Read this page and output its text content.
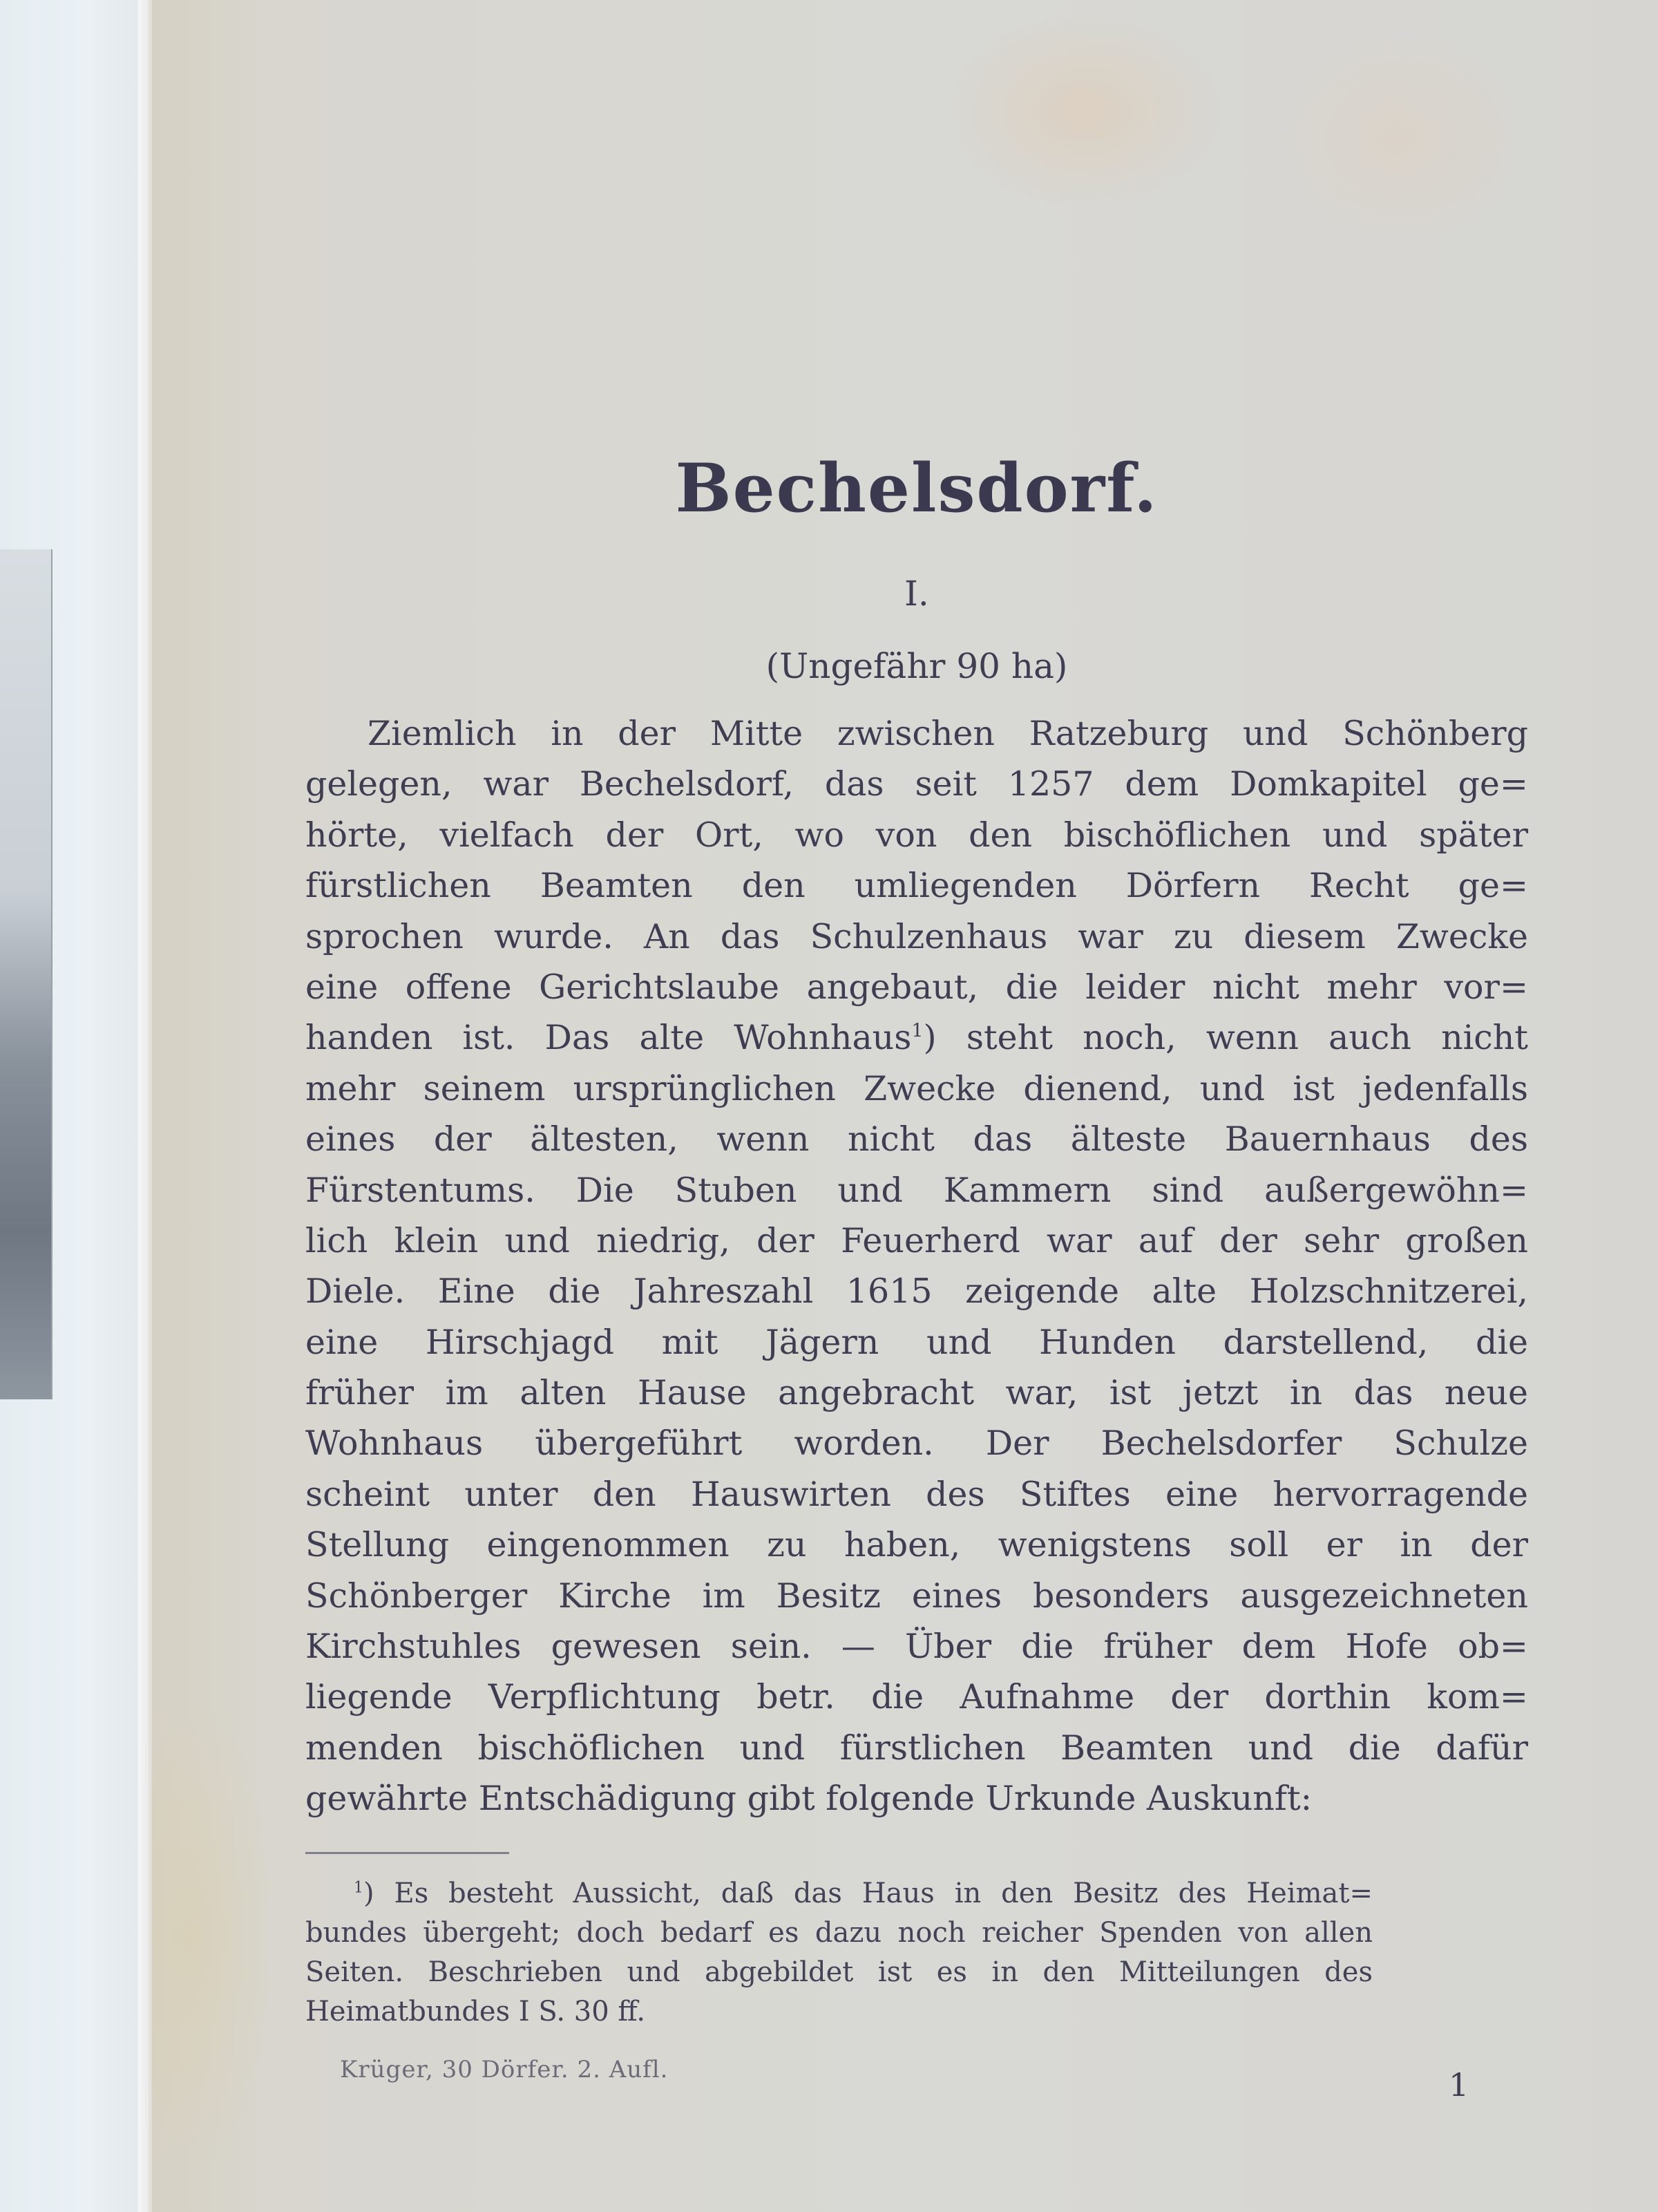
Bechelsdorf.
I.
(Ungefähr 90 ha)
Ziemlich in der Mitte zwischen Ratzeburg und Schönberg
gelegen, war Bechelsdorf, das seit 1257 dem Domkapitel ge=
hörte, vielfach der Ort, wo von den bischöflichen und später
fürstlichen Beamten den umliegenden Dörfern Recht ge=
sprochen wurde. An das Schulzenhaus war zu diesem Zwecke
eine offene Gerichtslaube angebaut, die leider nicht mehr vor=
handen ist. Das alte Wohnhaus$^1$) steht noch, wenn auch nicht
mehr seinem ursprünglichen Zwecke dienend, und ist jedenfalls
eines der ältesten, wenn nicht das älteste Bauernhaus des
Fürstentums. Die Stuben und Kammern sind außergewöhn=
lich klein und niedrig, der Feuerherd war auf der sehr großen
Diele. Eine die Jahreszahl 1615 zeigende alte Holzschnitzerei,
eine Hirschjagd mit Jägern und Hunden darstellend, die
früher im alten Hause angebracht war, ist jetzt in das neue
Wohnhaus übergeführt worden. Der Bechelsdorfer Schulze
scheint unter den Hauswirten des Stiftes eine hervorragende
Stellung eingenommen zu haben, wenigstens soll er in der
Schönberger Kirche im Besitz eines besonders ausgezeichneten
Kirchstuhles gewesen sein. — Über die früher dem Hofe ob=
liegende Verpflichtung betr. die Aufnahme der dorthin kom=
menden bischöflichen und fürstlichen Beamten und die dafür
gewährte Entschädigung gibt folgende Urkunde Auskunft:
$^1$) Es besteht Aussicht, daß das Haus in den Besitz des Heimat=
bundes übergeht; doch bedarf es dazu noch reicher Spenden von allen
Seiten. Beschrieben und abgebildet ist es in den Mitteilungen des
Heimatbundes I S. 30 ff.
Krüger, 30 Dörfer. 2. Aufl.	1
